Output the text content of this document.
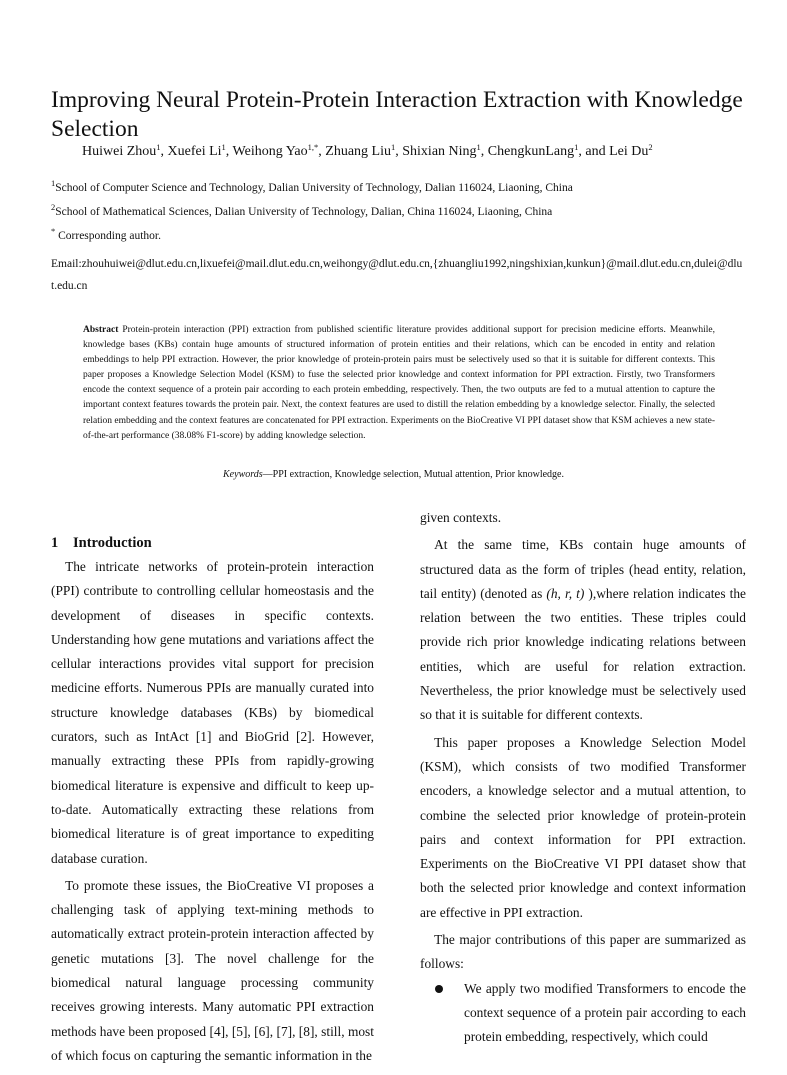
Improving Neural Protein-Protein Interaction Extraction with Knowledge Selection
Huiwei Zhou$^1$, Xuefei Li$^1$, Weihong Yao$^{1,*}$, Zhuang Liu$^1$, Shixian Ning$^1$, ChengkunLang$^1$, and Lei Du$^2$
$^1$School of Computer Science and Technology, Dalian University of Technology, Dalian 116024, Liaoning, China
$^2$School of Mathematical Sciences, Dalian University of Technology, Dalian, China 116024, Liaoning, China
* Corresponding author.
Email:zhouhuiwei@dlut.edu.cn,lixuefei@mail.dlut.edu.cn,weihongy@dlut.edu.cn,{zhuangliu1992,ningshixian,kunkun}@mail.dlut.edu.cn,dulei@dlut.edu.cn

Abstract Protein-protein interaction (PPI) extraction from published scientific literature provides additional support for precision medicine efforts. Meanwhile, knowledge bases (KBs) contain huge amounts of structured information of protein entities and their relations, which can be encoded in entity and relation embeddings to help PPI extraction. However, the prior knowledge of protein-protein pairs must be selectively used so that it is suitable for different contexts. This paper proposes a Knowledge Selection Model (KSM) to fuse the selected prior knowledge and context information for PPI extraction. Firstly, two Transformers encode the context sequence of a protein pair according to each protein embedding, respectively. Then, the two outputs are fed to a mutual attention to capture the important context features towards the protein pair. Next, the context features are used to distill the relation embedding by a knowledge selector. Finally, the selected relation embedding and the context features are concatenated for PPI extraction. Experiments on the BioCreative VI PPI dataset show that KSM achieves a new state-of-the-art performance (38.08% F1-score) by adding knowledge selection.

Keywords—PPI extraction, Knowledge selection, Mutual attention, Prior knowledge.
1 Introduction

The intricate networks of protein-protein interaction (PPI) contribute to controlling cellular homeostasis and the development of diseases in specific contexts. Understanding how gene mutations and variations affect the cellular interactions provides vital support for precision medicine efforts. Numerous PPIs are manually curated into structure knowledge databases (KBs) by biomedical curators, such as IntAct [1] and BioGrid [2]. However, manually extracting these PPIs from rapidly-growing biomedical literature is expensive and difficult to keep up-to-date. Automatically extracting these relations from biomedical literature is of great importance to expediting database curation.

To promote these issues, the BioCreative VI proposes a challenging task of applying text-mining methods to automatically extract protein-protein interaction affected by genetic mutations [3]. The novel challenge for the biomedical natural language processing community receives growing interests. Many automatic PPI extraction methods have been proposed [4], [5], [6], [7], [8], still, most of which focus on capturing the semantic information in the

given contexts.

At the same time, KBs contain huge amounts of structured data as the form of triples (head entity, relation, tail entity) (denoted as (h, r, t) ),where relation indicates the relation between the two entities. These triples could provide rich prior knowledge indicating relations between entities, which are useful for relation extraction. Nevertheless, the prior knowledge must be selectively used so that it is suitable for different contexts.

This paper proposes a Knowledge Selection Model (KSM), which consists of two modified Transformer encoders, a knowledge selector and a mutual attention, to combine the selected prior knowledge of protein-protein pairs and context information for PPI extraction. Experiments on the BioCreative VI PPI dataset show that both the selected prior knowledge and context information are effective in PPI extraction.

The major contributions of this paper are summarized as follows:

We apply two modified Transformers to encode the context sequence of a protein pair according to each protein embedding, respectively, which could
